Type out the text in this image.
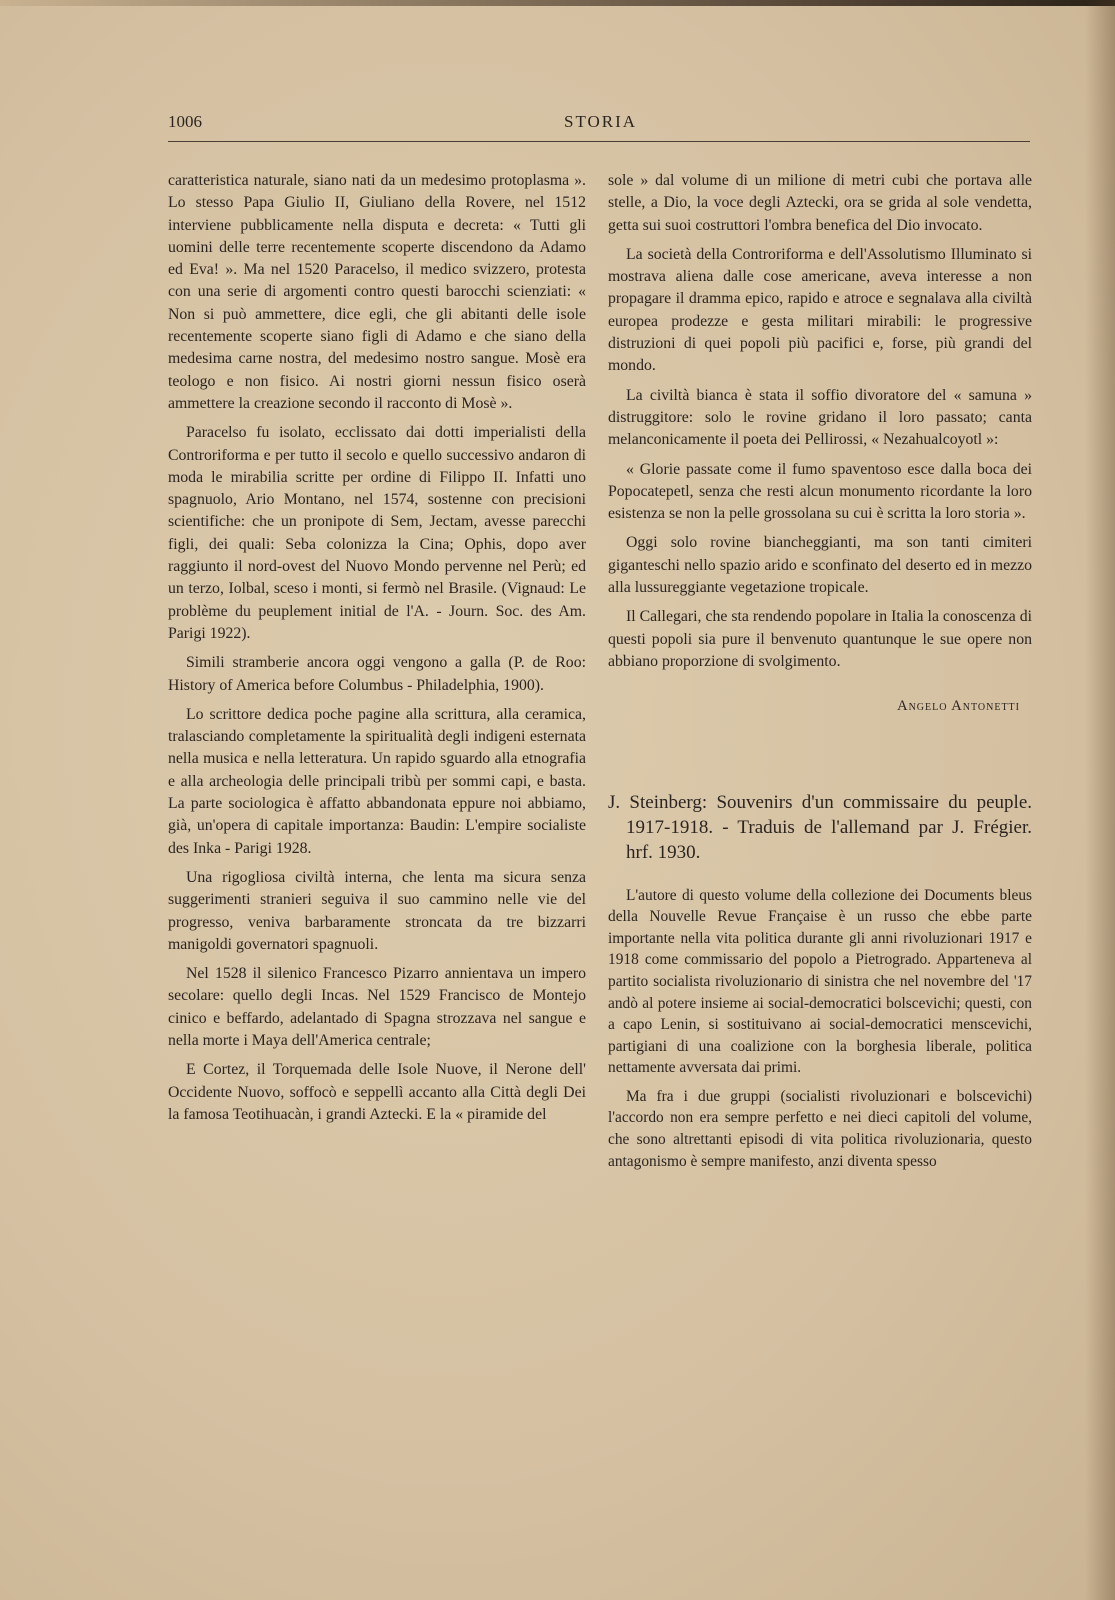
1006	STORIA

caratteristica naturale, siano nati da un medesimo protoplasma ». Lo stesso Papa Giulio II, Giuliano della Rovere, nel 1512 interviene pubblicamente nella disputa e decreta: « Tutti gli uomini delle terre recentemente scoperte discendono da Adamo ed Eva! ». Ma nel 1520 Paracelso, il medico svizzero, protesta con una serie di argomenti contro questi barocchi scienziati: « Non si può ammettere, dice egli, che gli abitanti delle isole recentemente scoperte siano figli di Adamo e che siano della medesima carne nostra, del medesimo nostro sangue. Mosè era teologo e non fisico. Ai nostri giorni nessun fisico oserà ammettere la creazione secondo il racconto di Mosè ».

Paracelso fu isolato, ecclissato dai dotti imperialisti della Controriforma e per tutto il secolo e quello successivo andaron di moda le mirabilia scritte per ordine di Filippo II. Infatti uno spagnuolo, Ario Montano, nel 1574, sostenne con precisioni scientifiche: che un pronipote di Sem, Jectam, avesse parecchi figli, dei quali: Seba colonizza la Cina; Ophis, dopo aver raggiunto il nord-ovest del Nuovo Mondo pervenne nel Perù; ed un terzo, Iolbal, sceso i monti, si fermò nel Brasile. (Vignaud: Le problème du peuplement initial de l'A. - Journ. Soc. des Am. Parigi 1922).

Simili stramberie ancora oggi vengono a galla (P. de Roo: History of America before Columbus - Philadelphia, 1900).

Lo scrittore dedica poche pagine alla scrittura, alla ceramica, tralasciando completamente la spiritualità degli indigeni esternata nella musica e nella letteratura. Un rapido sguardo alla etnografia e alla archeologia delle principali tribù per sommi capi, e basta. La parte sociologica è affatto abbandonata eppure noi abbiamo, già, un'opera di capitale importanza: Baudin: L'empire socialiste des Inka - Parigi 1928.

Una rigogliosa civiltà interna, che lenta ma sicura senza suggerimenti stranieri seguiva il suo cammino nelle vie del progresso, veniva barbaramente stroncata da tre bizzarri manigoldi governatori spagnuoli.

Nel 1528 il silenico Francesco Pizarro annientava un impero secolare: quello degli Incas. Nel 1529 Francisco de Montejo cinico e beffardo, adelantado di Spagna strozzava nel sangue e nella morte i Maya dell'America centrale;

E Cortez, il Torquemada delle Isole Nuove, il Nerone dell' Occidente Nuovo, soffocò e seppellì accanto alla Città degli Dei la famosa Teotihuacàn, i grandi Aztecki. E la « piramide del

sole » dal volume di un milione di metri cubi che portava alle stelle, a Dio, la voce degli Aztecki, ora se grida al sole vendetta, getta sui suoi costruttori l'ombra benefica del Dio invocato.

La società della Controriforma e dell'Assolutismo Illuminato si mostrava aliena dalle cose americane, aveva interesse a non propagare il dramma epico, rapido e atroce e segnalava alla civiltà europea prodezze e gesta militari mirabili: le progressive distruzioni di quei popoli più pacifici e, forse, più grandi del mondo.

La civiltà bianca è stata il soffio divoratore del « samuna » distruggitore: solo le rovine gridano il loro passato; canta melanconicamente il poeta dei Pellirossi, « Nezahualcoyotl »:

« Glorie passate come il fumo spaventoso esce dalla boca dei Popocatepetl, senza che resti alcun monumento ricordante la loro esistenza se non la pelle grossolana su cui è scritta la loro storia ».

Oggi solo rovine biancheggianti, ma son tanti cimiteri giganteschi nello spazio arido e sconfinato del deserto ed in mezzo alla lussureggiante vegetazione tropicale.

Il Callegari, che sta rendendo popolare in Italia la conoscenza di questi popoli sia pure il benvenuto quantunque le sue opere non abbiano proporzione di svolgimento.

Angelo Antonetti
J. Steinberg: Souvenirs d'un commissaire du peuple. 1917-1918. - Traduis de l'allemand par J. Frégier. hrf. 1930.

L'autore di questo volume della collezione dei Documents bleus della Nouvelle Revue Française è un russo che ebbe parte importante nella vita politica durante gli anni rivoluzionari 1917 e 1918 come commissario del popolo a Pietrogrado. Apparteneva al partito socialista rivoluzionario di sinistra che nel novembre del '17 andò al potere insieme ai social-democratici bolscevichi; questi, con a capo Lenin, si sostituivano ai social-democratici menscevichi, partigiani di una coalizione con la borghesia liberale, politica nettamente avversata dai primi.

Ma fra i due gruppi (socialisti rivoluzionari e bolscevichi) l'accordo non era sempre perfetto e nei dieci capitoli del volume, che sono altrettanti episodi di vita politica rivoluzionaria, questo antagonismo è sempre manifesto, anzi diventa spesso
